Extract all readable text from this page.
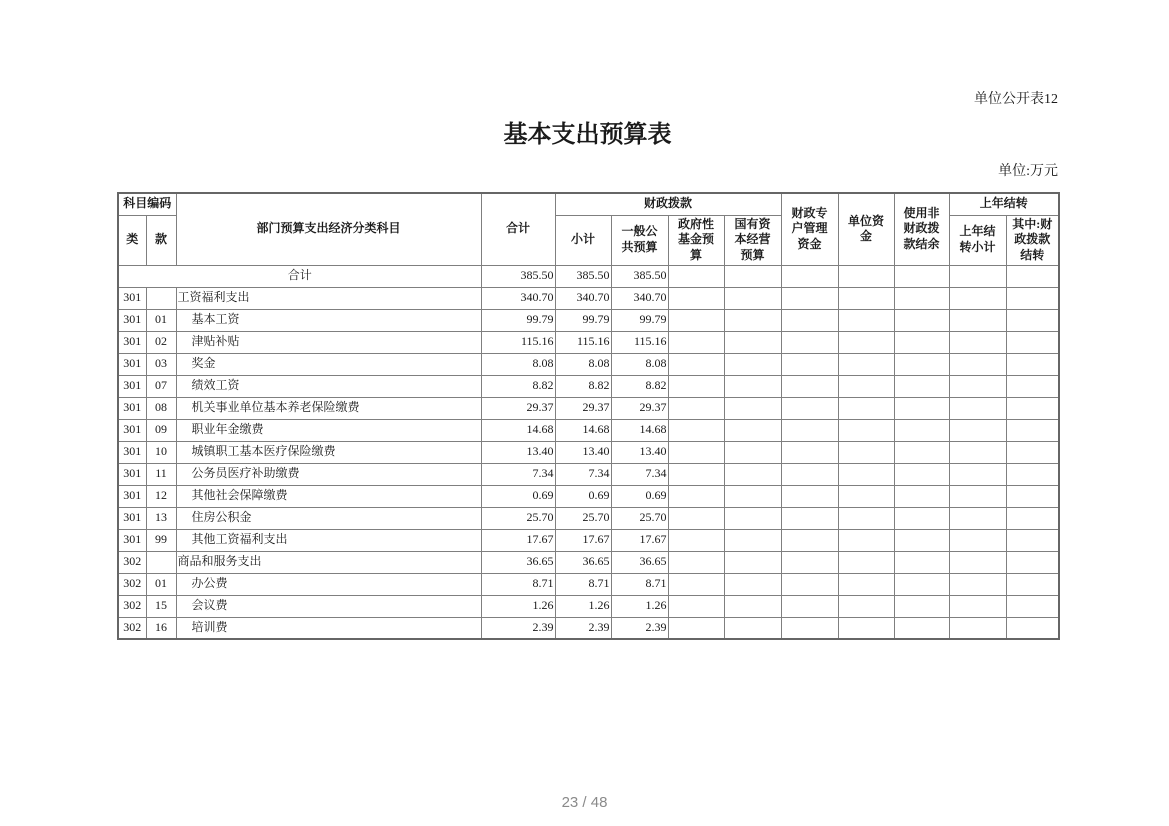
单位公开表12
基本支出预算表
单位:万元
科目编码		部门预算支出经济分类科目	合计	财政拨款				财政专户管理资金	单位资金	使用非财政拨款结余	上年结转	
类	款			小计	一般公共预算	政府性基金预算	国有资本经营预算				上年结转小计	其中:财政拨款结转
合计			385.50	385.50	385.50							
301		工资福利支出	340.70	340.70	340.70							
301	01	基本工资	99.79	99.79	99.79							
301	02	津贴补贴	115.16	115.16	115.16							
301	03	奖金	8.08	8.08	8.08							
301	07	绩效工资	8.82	8.82	8.82							
301	08	机关事业单位基本养老保险缴费	29.37	29.37	29.37							
301	09	职业年金缴费	14.68	14.68	14.68							
301	10	城镇职工基本医疗保险缴费	13.40	13.40	13.40							
301	11	公务员医疗补助缴费	7.34	7.34	7.34							
301	12	其他社会保障缴费	0.69	0.69	0.69							
301	13	住房公积金	25.70	25.70	25.70							
301	99	其他工资福利支出	17.67	17.67	17.67							
302		商品和服务支出	36.65	36.65	36.65							
302	01	办公费	8.71	8.71	8.71							
302	15	会议费	1.26	1.26	1.26							
302	16	培训费	2.39	2.39	2.39							
23 / 48
